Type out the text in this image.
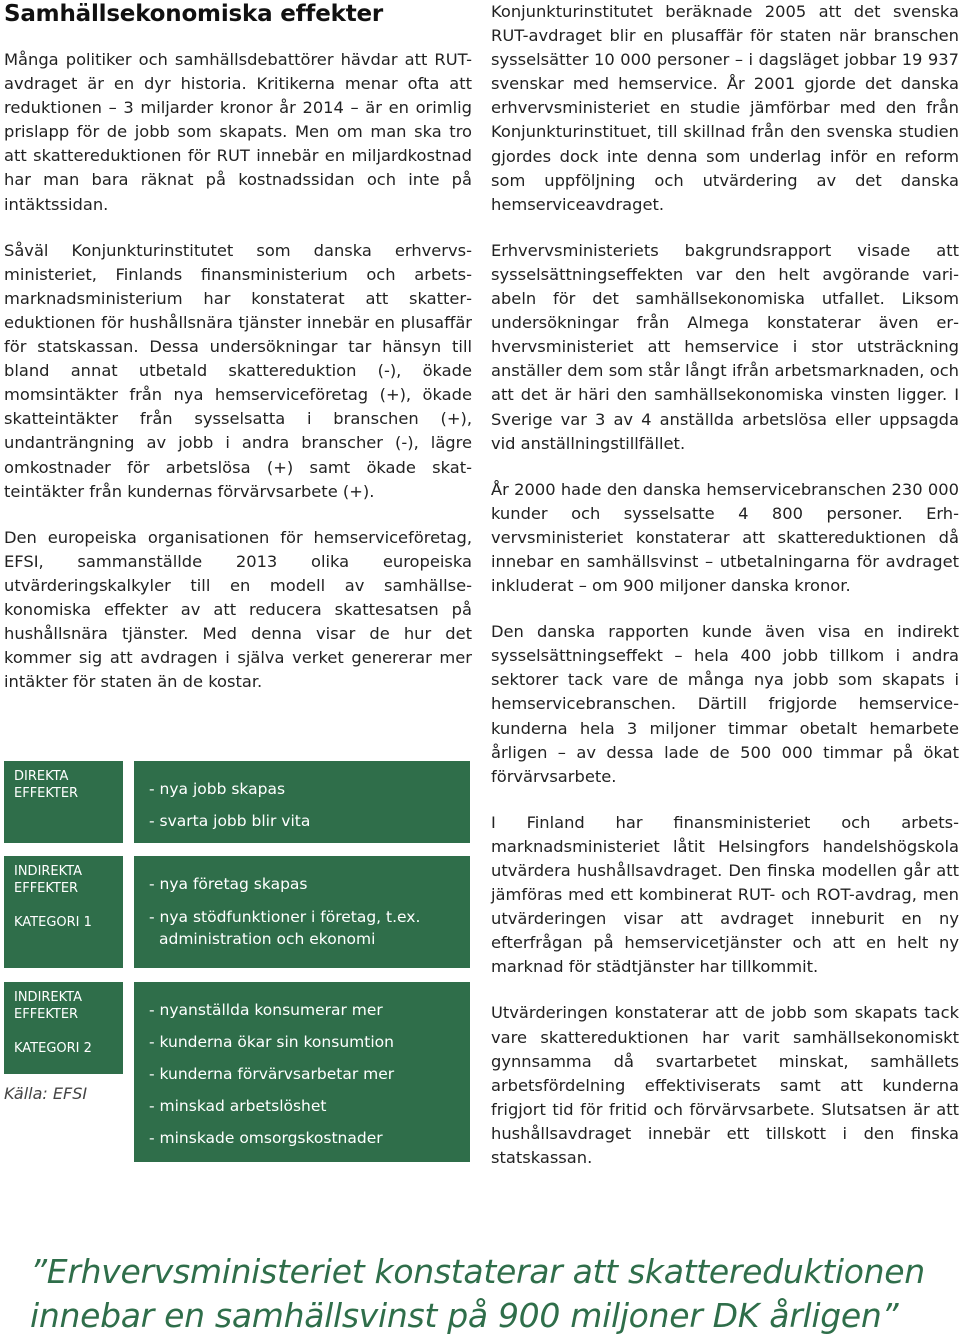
Samhällsekonomiska effekter

Många politiker och samhällsdebattörer hävdar att RUT-avdraget är en dyr historia. Kritikerna menar ofta att reduktionen – 3 miljarder kronor år 2014 – är en orimlig prislapp för de jobb som skapats. Men om man ska tro att skattereduktionen för RUT innebär en miljardkostnad har man bara räknat på kostnadssidan och inte på intäktssidan.

Såväl Konjunkturinstitutet som danska erhvervsministeriet, Finlands finansministerium och arbetsmarknadsministerium har konstaterat att skattereduktionen för hushållsnära tjänster innebär en plusaffär för statskassan. Dessa undersökningar tar hänsyn till bland annat utbetald skattereduktion (-), ökade momsintäkter från nya hemserviceföretag (+), ökade skatteintäkter från sysselsatta i branschen (+), undanträngning av jobb i andra branscher (-), lägre omkostnader för arbetslösa (+) samt ökade skatteintäkter från kundernas förvärvsarbete (+).

Den europeiska organisationen för hemserviceföretag, EFSI, sammanställde 2013 olika europeiska utvärderingskalkyler till en modell av samhällsekonomiska effekter av att reducera skattesatsen på hushållsnära tjänster. Med denna visar de hur det kommer sig att avdragen i själva verket genererar mer intäkter för staten än de kostar.

DIREKTA
EFFEKTER	- nya jobb skapas
- svarta jobb blir vita
INDIREKTA
EFFEKTER
KATEGORI 1
- nya företag skapas
- nya stödfunktioner i företag, t.ex.
administration och ekonomi
INDIREKTA
EFFEKTER
KATEGORI 2
- nyanställda konsumerar mer
- kunderna ökar sin konsumtion
- kunderna förvärvsarbetar mer
- minskad arbetslöshet
- minskade omsorgskostnader
Källa: EFSI

Konjunkturinstitutet beräknade 2005 att det svenska RUT-avdraget blir en plusaffär för staten när branschen sysselsätter 10 000 personer – i dagsläget jobbar 19 937 svenskar med hemservice. År 2001 gjorde det danska erhvervsministeriet en studie jämförbar med den från Konjunkturinstituet, till skillnad från den svenska studien gjordes dock inte denna som underlag inför en reform som uppföljning och utvärdering av det danska hemserviceavdraget.

Erhvervsministeriets bakgrundsrapport visade att sysselsättningseffekten var den helt avgörande variabeln för det samhällsekonomiska utfallet. Liksom undersökningar från Almega konstaterar även erhvervsministeriet att hemservice i stor utsträckning anställer dem som står långt ifrån arbetsmarknaden, och att det är häri den samhällsekonomiska vinsten ligger. I Sverige var 3 av 4 anställda arbetslösa eller uppsagda vid anställningstillfället.

År 2000 hade den danska hemservicebranschen 230 000 kunder och sysselsatte 4 800 personer. Erhvervsministeriet konstaterar att skattereduktionen då innebar en samhällsvinst – utbetalningarna för avdraget inkluderat – om 900 miljoner danska kronor.

Den danska rapporten kunde även visa en indirekt sysselsättningseffekt – hela 400 jobb tillkom i andra sektorer tack vare de många nya jobb som skapats i hemservicebranschen. Därtill frigjorde hemservicekunderna hela 3 miljoner timmar obetalt hemarbete årligen – av dessa lade de 500 000 timmar på ökat förvärvsarbete.

I Finland har finansministeriet och arbetsmarknadsministeriet låtit Helsingfors handelshögskola utvärdera hushållsavdraget. Den finska modellen går att jämföras med ett kombinerat RUT- och ROT-avdrag, men utvärderingen visar att avdraget inneburit en ny efterfrågan på hemservicetjänster och att en helt ny marknad för städtjänster har tillkommit.

Utvärderingen konstaterar att de jobb som skapats tack vare skattereduktionen har varit samhällsekonomiskt gynnsamma då svartarbetet minskat, samhällets arbetsfördelning effektiviserats samt att kunderna frigjort tid för fritid och förvärvsarbete. Slutsatsen är att hushållsavdraget innebär ett tillskott i den finska statskassan.

”Erhvervsministeriet konstaterar att skattereduktionen
innebar en samhällsvinst på 900 miljoner DK årligen”
